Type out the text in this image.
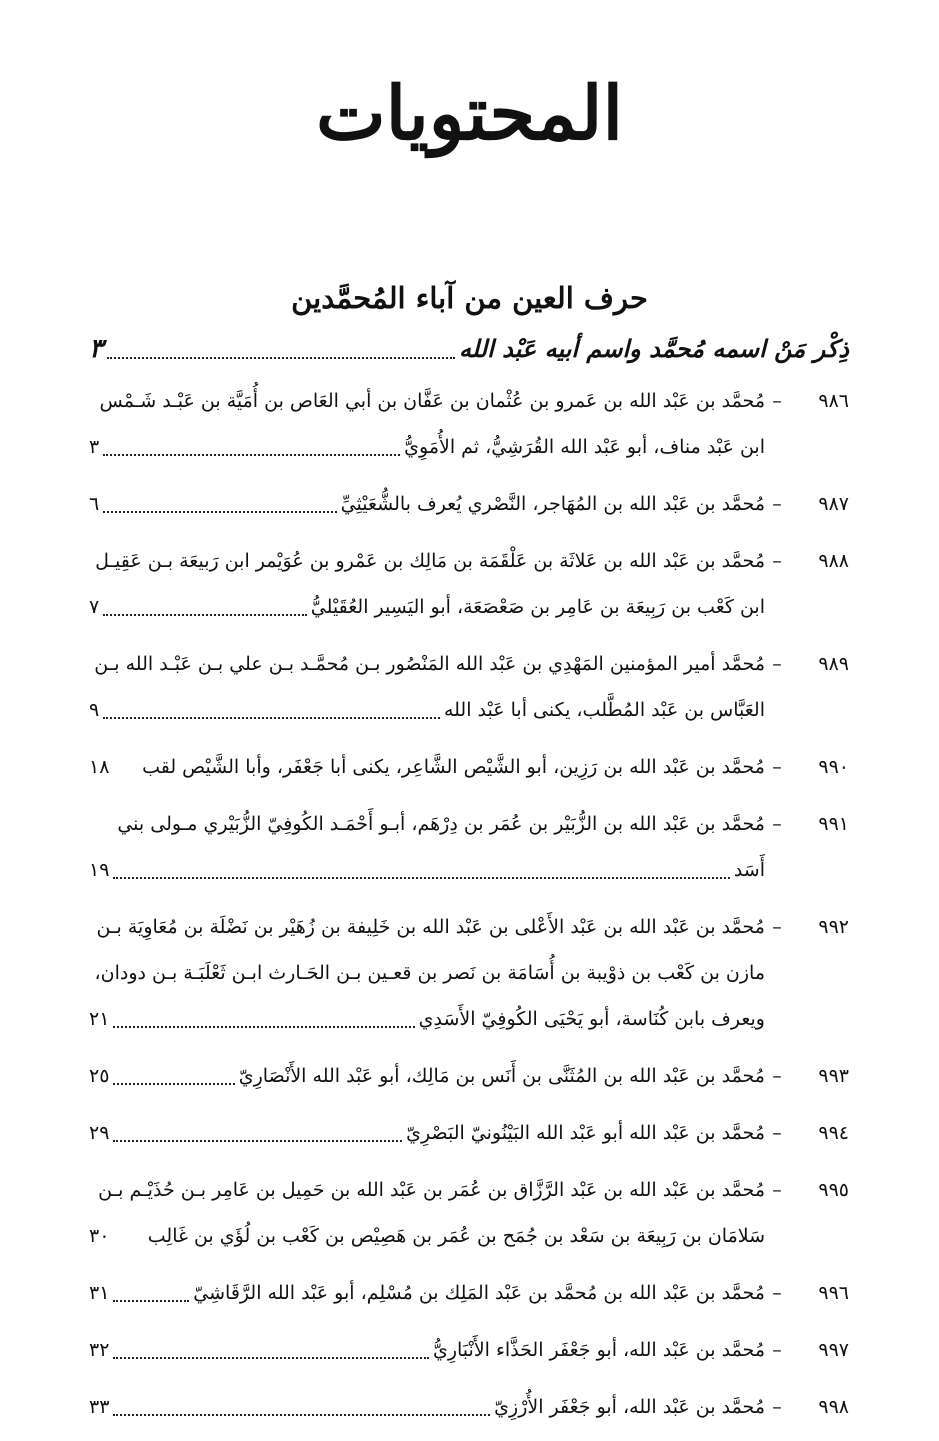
المحتويات
حرف العين من آباء المُحمَّدين
ذِكْر مَنْ اسمه مُحمَّد واسم أبيه عَبْد الله
٣
٩٨٦
–
مُحمَّد بن عَبْد الله بن عَمرو بن عُثْمان بن عَفَّان بن أبي العَاص بن أُمَيَّة بن عَبْـد شَـمْس
ابن عَبْد مناف، أبو عَبْد الله القُرَشِيُّ، ثم الأُمَوِيُّ
٣
٩٨٧
–
مُحمَّد بن عَبْد الله بن المُهَاجر، النَّصْري يُعرف بالشُّعَيْثِيِّ
٦
٩٨٨
–
مُحمَّد بن عَبْد الله بن عَلاثَة بن عَلْقَمَة بن مَالِك بن عَمْرو بن عُوَيْمر ابن رَبيعَة بـن عَقِيـل
ابن كَعْب بن رَبِيعَة بن عَامِر بن صَعْصَعَة، أبو اليَسِير العُقَيْليُّ
٧
٩٨٩
–
مُحمَّد أمير المؤمنين المَهْدِي بن عَبْد الله المَنْصُور بـن مُحمَّـد بـن علي بـن عَبْـد الله بـن
العَبَّاس بن عَبْد المُطَّلب، يكنى أبا عَبْد الله
٩
٩٩٠
–
مُحمَّد بن عَبْد الله بن رَزِين، أبو الشَّيْص الشَّاعِر، يكنى أبا جَعْفَر، وأبا الشَّيْص لقب
١٨
٩٩١
–
مُحمَّد بن عَبْد الله بن الزُّبَيْر بن عُمَر بن دِرْهَم، أبـو أَحْمَـد الكُوفِيّ الزُّبَيْري مـولى بني
أَسَد
١٩
٩٩٢
–
مُحمَّد بن عَبْد الله بن عَبْد الأَعْلى بن عَبْد الله بن خَلِيفة بن زُهَيْر بن نَضْلَة بن مُعَاوِيَة بـن
مازن بن كَعْب بن ذوْيبة بن أُسَامَة بن نَصر بن قعـين بـن الحَـارث ابـن ثَعْلَبَـة بـن دودان،
ويعرف بابن كُنَاسة، أبو يَحْيَى الكُوفِيّ الأَسَدِي
٢١
٩٩٣
–
مُحمَّد بن عَبْد الله بن المُثَنَّى بن أَنَس بن مَالِك، أبو عَبْد الله الأَنْصَارِيّ
٢٥
٩٩٤
–
مُحمَّد بن عَبْد الله أبو عَبْد الله البَيْنُونيّ البَصْرِيّ
٢٩
٩٩٥
–
مُحمَّد بن عَبْد الله بن عَبْد الرَّزَّاق بن عُمَر بن عَبْد الله بن حَمِيل بن عَامِر بـن حُذَيْـم بـن
سَلامَان بن رَبِيعَة بن سَعْد بن جُمَح بن عُمَر بن هَصِيْص بن كَعْب بن لُؤَي بن غَالِب
٣٠
٩٩٦
–
مُحمَّد بن عَبْد الله بن مُحمَّد بن عَبْد المَلِك بن مُسْلِم، أبو عَبْد الله الرَّقَاشِيّ
٣١
٩٩٧
–
مُحمَّد بن عَبْد الله، أبو جَعْفَر الحَذَّاء الأَنْبَارِيُّ
٣٢
٩٩٨
–
مُحمَّد بن عَبْد الله، أبو جَعْفَر الأُرْزِيّ
٣٣
